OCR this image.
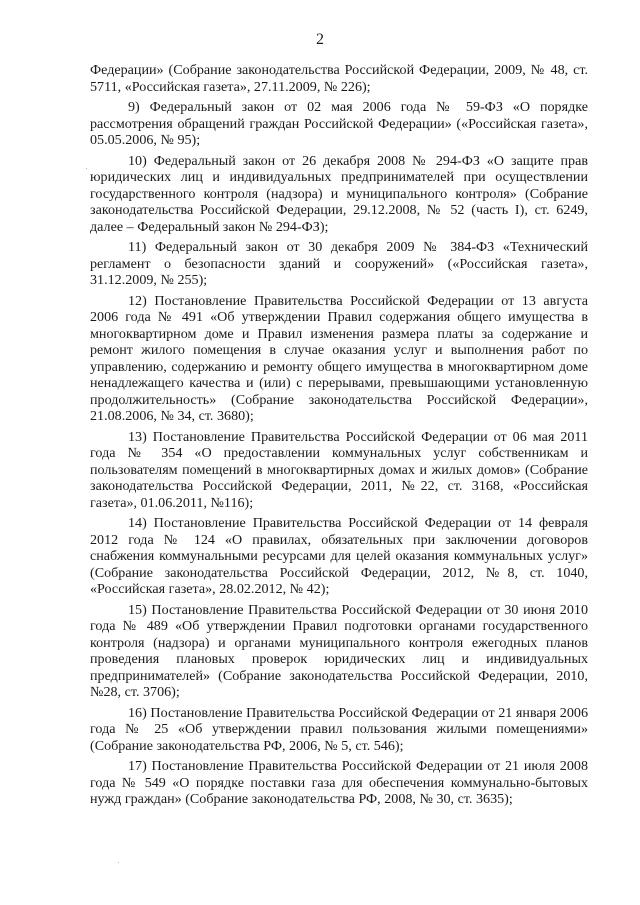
2

Федерации» (Собрание законодательства Российской Федерации, 2009, № 48, ст. 5711, «Российская газета», 27.11.2009, № 226);

9) Федеральный закон от 02 мая 2006 года № 59-ФЗ «О порядке рассмотрения обращений граждан Российской Федерации» («Российская газета», 05.05.2006, № 95);

10) Федеральный закон от 26 декабря 2008 № 294-ФЗ «О защите прав юридических лиц и индивидуальных предпринимателей при осуществлении государственного контроля (надзора) и муниципального контроля» (Собрание законодательства Российской Федерации, 29.12.2008, № 52 (часть I), ст. 6249, далее – Федеральный закон № 294-ФЗ);

11) Федеральный закон от 30 декабря 2009 № 384-ФЗ «Технический регламент о безопасности зданий и сооружений» («Российская газета», 31.12.2009, № 255);

12) Постановление Правительства Российской Федерации от 13 августа 2006 года № 491 «Об утверждении Правил содержания общего имущества в многоквартирном доме и Правил изменения размера платы за содержание и ремонт жилого помещения в случае оказания услуг и выполнения работ по управлению, содержанию и ремонту общего имущества в многоквартирном доме ненадлежащего качества и (или) с перерывами, превышающими установленную продолжительность» (Собрание законодательства Российской Федерации», 21.08.2006, № 34, ст. 3680);

13) Постановление Правительства Российской Федерации от 06 мая 2011 года № 354 «О предоставлении коммунальных услуг собственникам и пользователям помещений в многоквартирных домах и жилых домов» (Собрание законодательства Российской Федерации, 2011, №22, ст. 3168, «Российская газета», 01.06.2011, №116);

14) Постановление Правительства Российской Федерации от 14 февраля 2012 года № 124 «О правилах, обязательных при заключении договоров снабжения коммунальными ресурсами для целей оказания коммунальных услуг» (Собрание законодательства Российской Федерации, 2012, №8, ст. 1040, «Российская газета», 28.02.2012, № 42);

15) Постановление Правительства Российской Федерации от 30 июня 2010 года № 489 «Об утверждении Правил подготовки органами государственного контроля (надзора) и органами муниципального контроля ежегодных планов проведения плановых проверок юридических лиц и индивидуальных предпринимателей» (Собрание законодательства Российской Федерации, 2010, №28, ст. 3706);

16) Постановление Правительства Российской Федерации от 21 января 2006 года № 25 «Об утверждении правил пользования жилыми помещениями» (Собрание законодательства РФ, 2006, № 5, ст. 546);

17) Постановление Правительства Российской Федерации от 21 июля 2008 года № 549 «О порядке поставки газа для обеспечения коммунально-бытовых нужд граждан» (Собрание законодательства РФ, 2008, № 30, ст. 3635);
